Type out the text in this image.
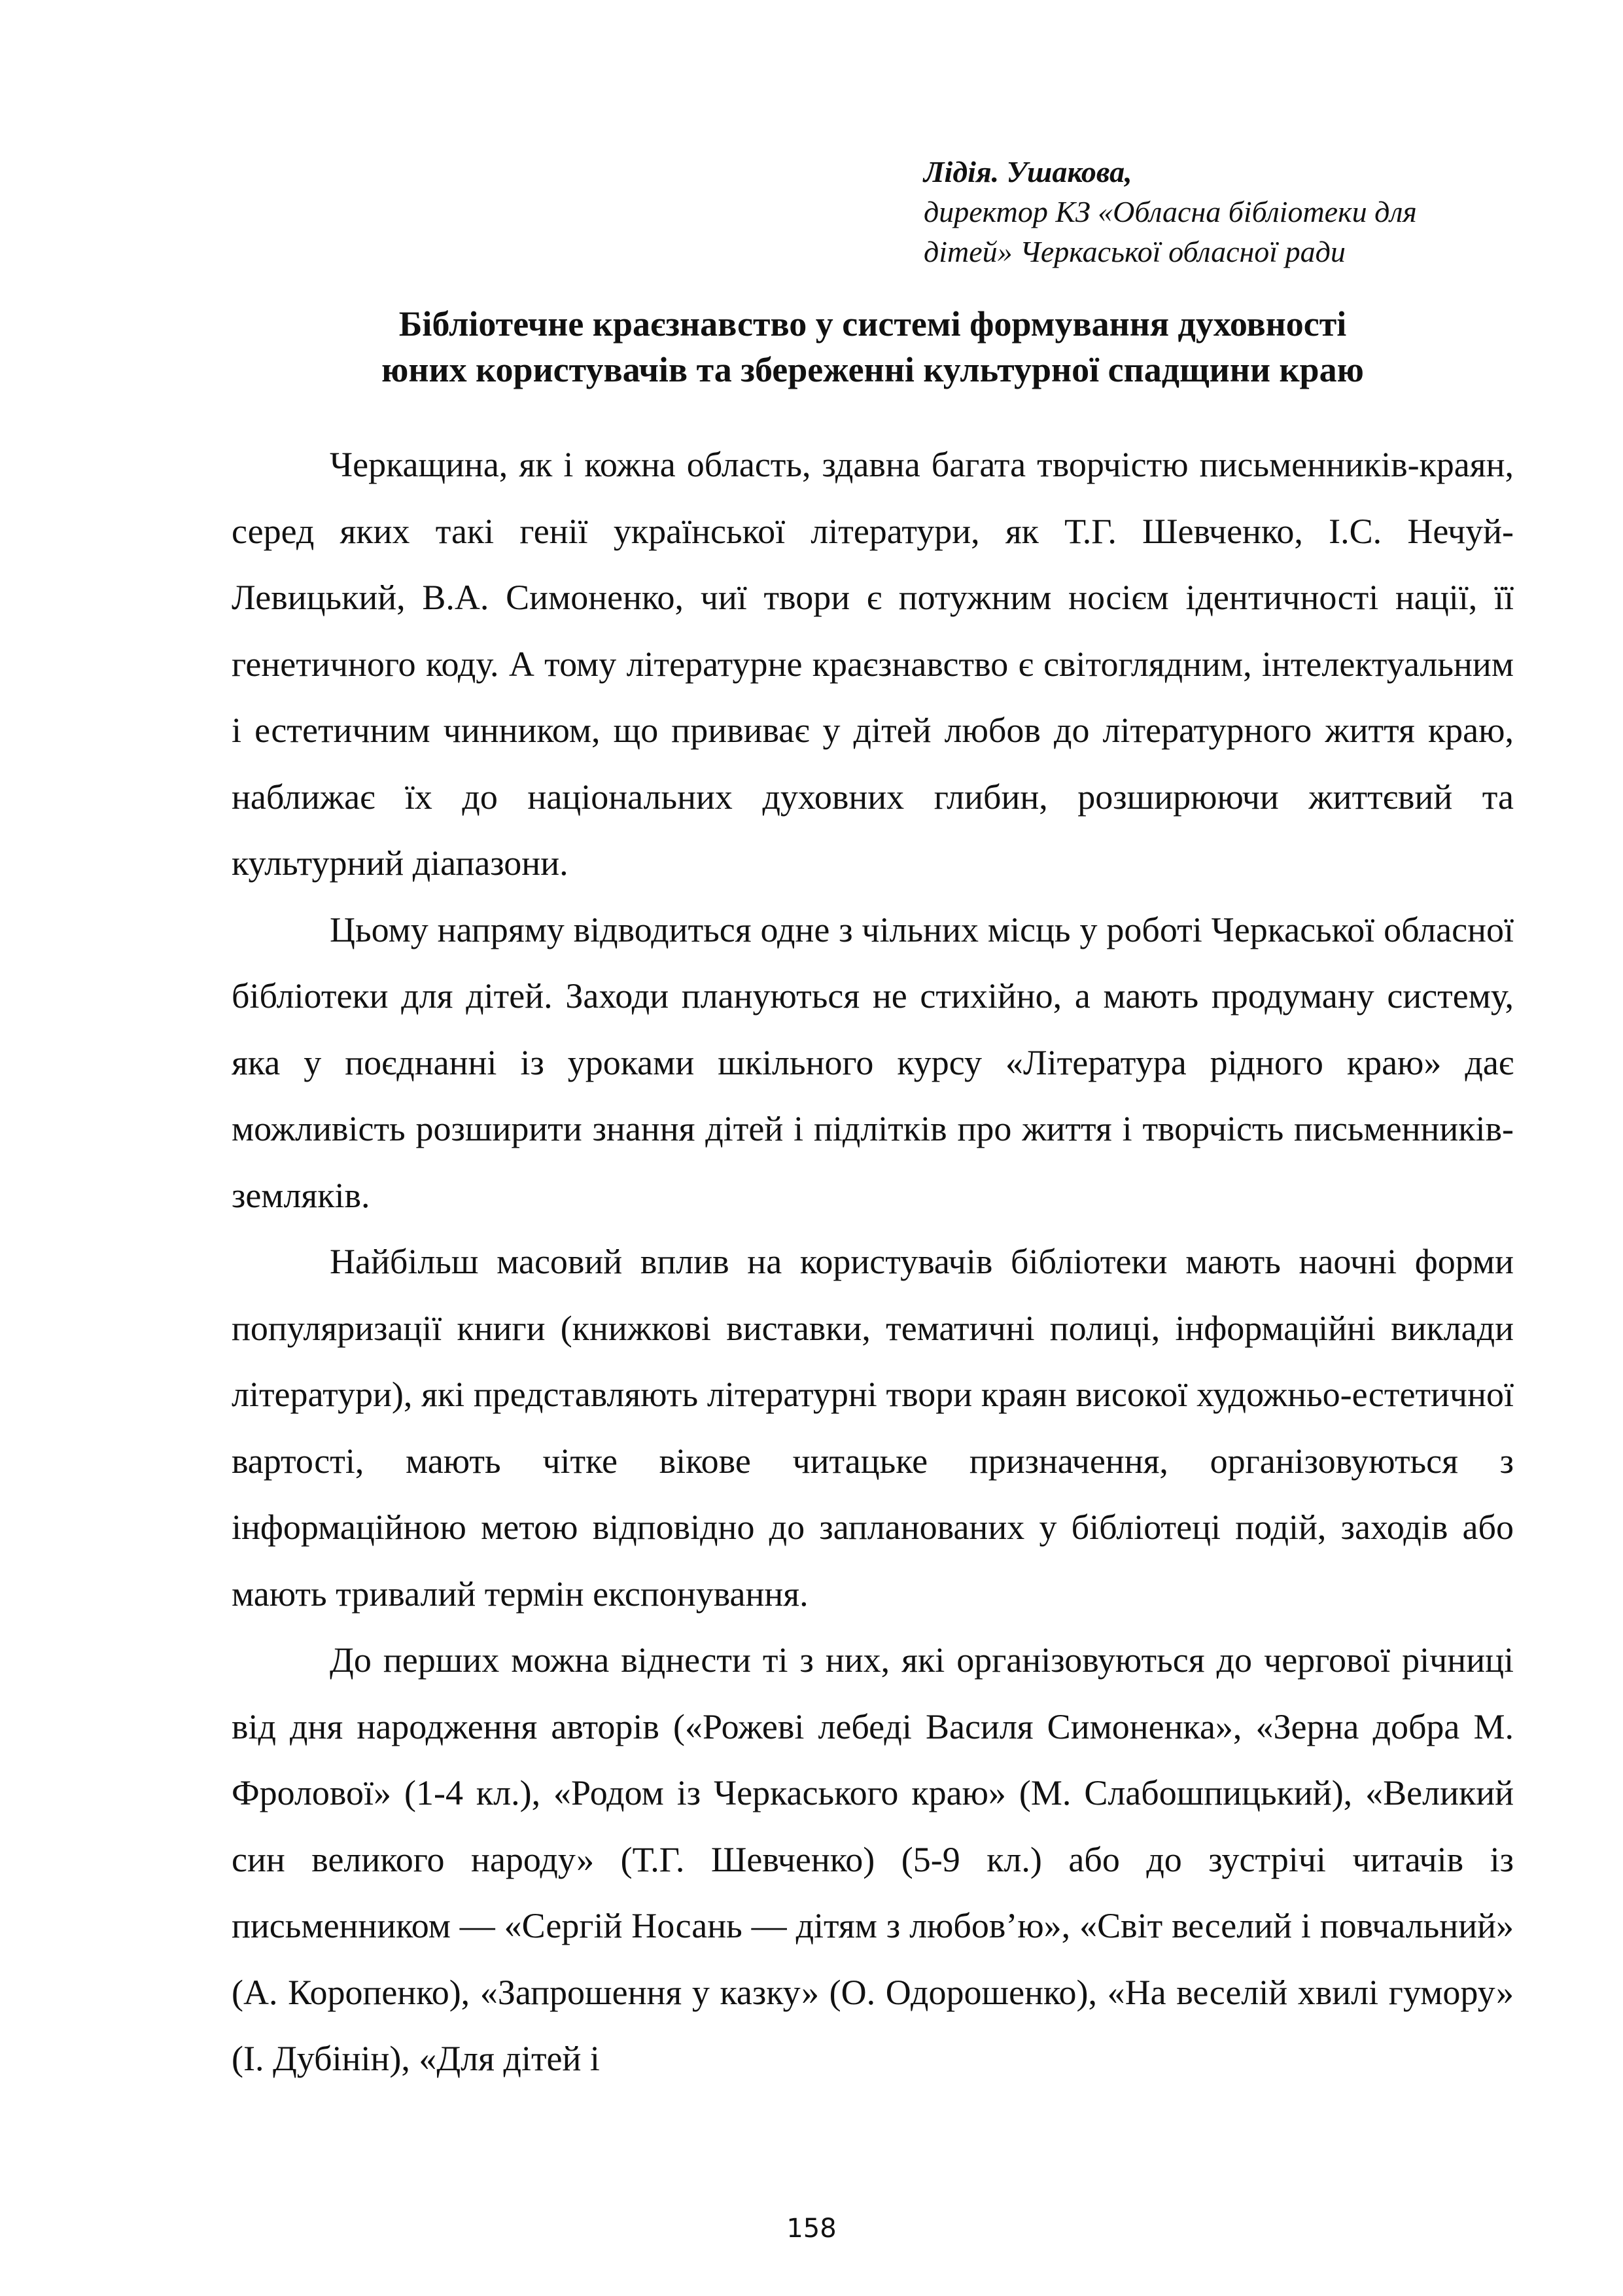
Лідія. Ушакова,
директор КЗ «Обласна бібліотеки для
дітей» Черкаської обласної ради
Бібліотечне краєзнавство у системі формування духовності
юних користувачів та збереженні культурної спадщини краю

Черкащина, як і кожна область, здавна багата творчістю письменників-краян, серед яких такі генії української літератури, як Т.Г. Шевченко, І.С. Нечуй-Левицький, В.А. Симоненко, чиї твори є потужним носієм ідентичності нації, її генетичного коду. А тому літературне краєзнавство є світоглядним, інтелектуальним і естетичним чинником, що прививає у дітей любов до літературного життя краю, наближає їх до національних духовних глибин, розширюючи життєвий та культурний діапазони.

Цьому напряму відводиться одне з чільних місць у роботі Черкаської обласної бібліотеки для дітей. Заходи плануються не стихійно, а мають продуману систему, яка у поєднанні із уроками шкільного курсу «Література рідного краю» дає можливість розширити знання дітей і підлітків про життя і творчість письменників-земляків.

Найбільш масовий вплив на користувачів бібліотеки мають наочні форми популяризації книги (книжкові виставки, тематичні полиці, інформаційні виклади літератури), які представляють літературні твори краян високої художньо-естетичної вартості, мають чітке вікове читацьке призначення, організовуються з інформаційною метою відповідно до запланованих у бібліотеці подій, заходів або мають тривалий термін експонування.

До перших можна віднести ті з них, які організовуються до чергової річниці від дня народження авторів («Рожеві лебеді Василя Симоненка», «Зерна добра М. Фролової» (1-4 кл.), «Родом із Черкаського краю» (М. Слабошпицький), «Великий син великого народу» (Т.Г. Шевченко) (5-9 кл.) або до зустрічі читачів із письменником — «Сергій Носань — дітям з любов’ю», «Світ веселий і повчальний» (А. Коропенко), «Запрошення у казку» (О. Одорошенко), «На веселій хвилі гумору» (І. Дубінін), «Для дітей і

158
